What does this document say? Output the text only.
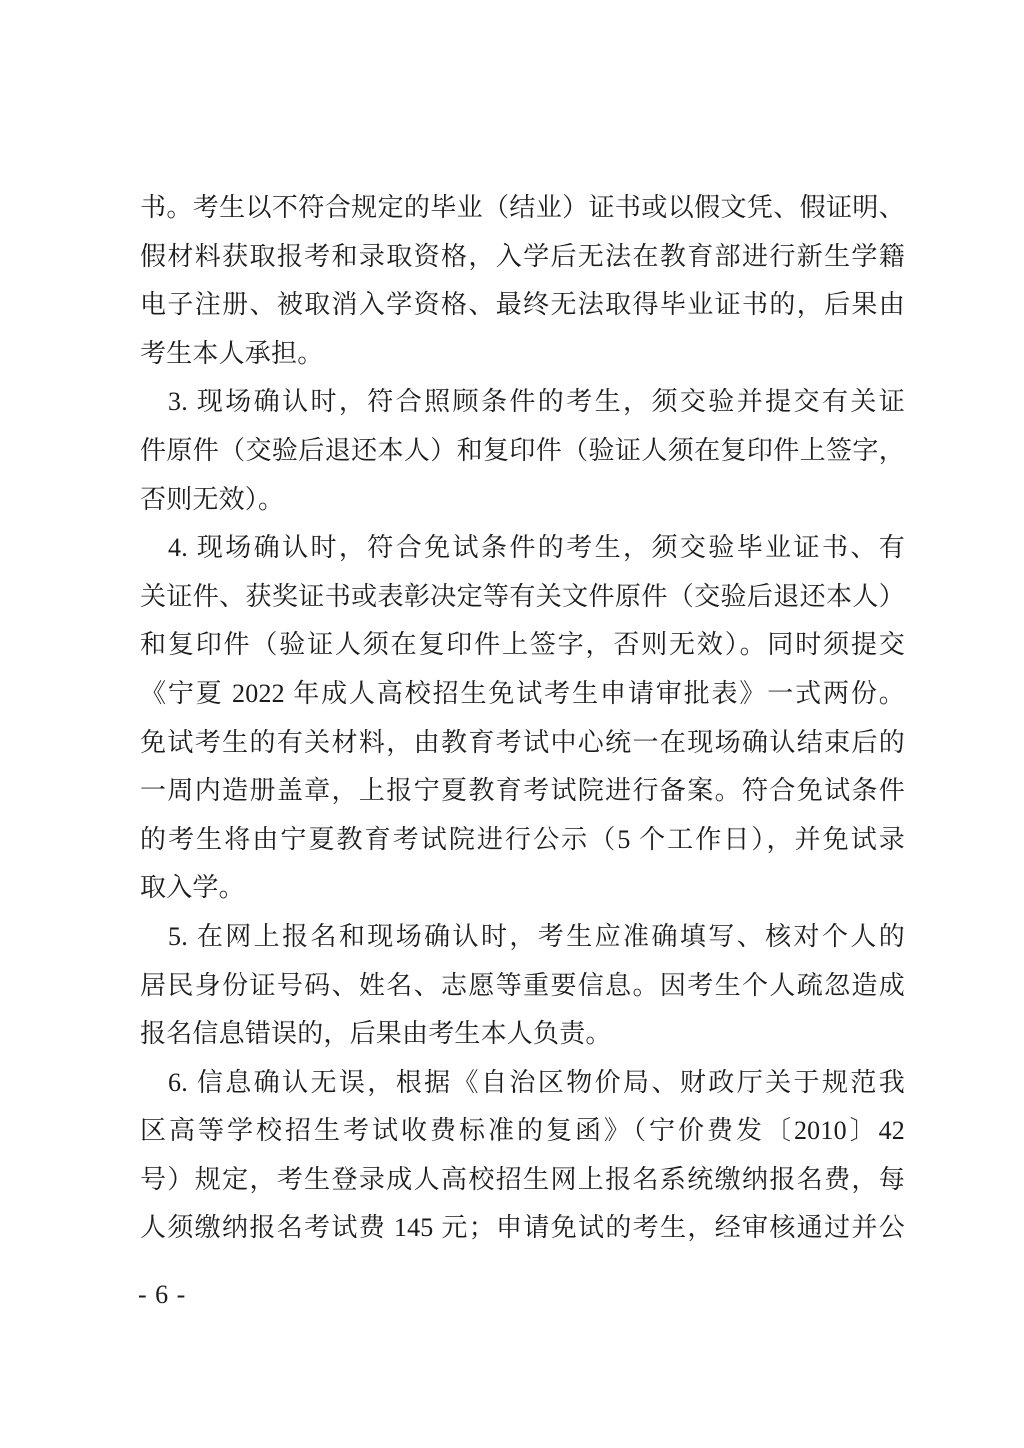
书。考生以不符合规定的毕业（结业）证书或以假文凭、假证明、
假材料获取报考和录取资格，入学后无法在教育部进行新生学籍
电子注册、被取消入学资格、最终无法取得毕业证书的，后果由
考生本人承担。
3. 现场确认时，符合照顾条件的考生，须交验并提交有关证
件原件（交验后退还本人）和复印件（验证人须在复印件上签字，
否则无效）。
4. 现场确认时，符合免试条件的考生，须交验毕业证书、有
关证件、获奖证书或表彰决定等有关文件原件（交验后退还本人）
和复印件（验证人须在复印件上签字，否则无效）。同时须提交
《宁夏 2022 年成人高校招生免试考生申请审批表》一式两份。
免试考生的有关材料，由教育考试中心统一在现场确认结束后的
一周内造册盖章，上报宁夏教育考试院进行备案。符合免试条件
的考生将由宁夏教育考试院进行公示（5 个工作日），并免试录
取入学。
5. 在网上报名和现场确认时，考生应准确填写、核对个人的
居民身份证号码、姓名、志愿等重要信息。因考生个人疏忽造成
报名信息错误的，后果由考生本人负责。
6. 信息确认无误，根据《自治区物价局、财政厅关于规范我
区高等学校招生考试收费标准的复函》（宁价费发〔2010〕42
号）规定，考生登录成人高校招生网上报名系统缴纳报名费，每
人须缴纳报名考试费 145 元；申请免试的考生，经审核通过并公
- 6 -
